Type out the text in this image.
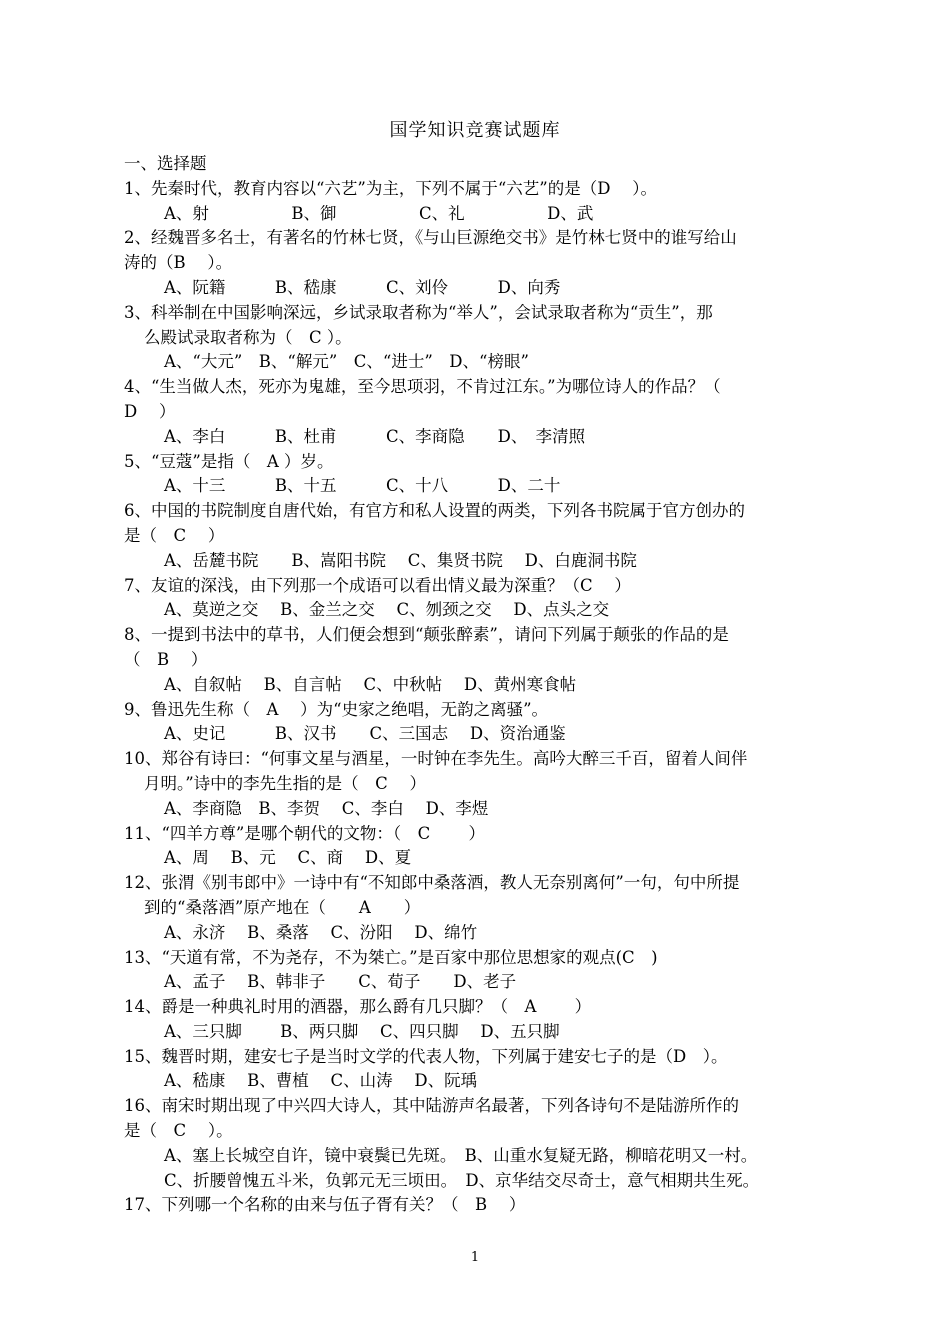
国学知识竞赛试题库
一、选择题
1、先秦时代，教育内容以“六艺”为主，下列不属于“六艺”的是（D　 ）。
A、射　　　　　B、御　　　　　C、礼　　　　　D、武
2、经魏晋多名士，有著名的竹林七贤，《与山巨源绝交书》是竹林七贤中的谁写给山
涛的（B　 ）。
A、阮籍　　　B、嵇康　　　C、刘伶　　　D、向秀
3、科举制在中国影响深远，乡试录取者称为“举人”，会试录取者称为“贡生”，那
么殿试录取者称为（　C ）。
A、“大元”　B、“解元”　C、“进士”　D、“榜眼”
4、“生当做人杰，死亦为鬼雄，至今思项羽，不肯过江东。”为哪位诗人的作品？（
D　 ）
A、李白　　　B、杜甫　　　C、李商隐　　D、　李清照
5、“豆蔻”是指（　A ）岁。
A、十三　　　B、十五　　　C、十八　　　D、二十
6、中国的书院制度自唐代始，有官方和私人设置的两类，下列各书院属于官方创办的
是（　C　 ）
A、岳麓书院　　B、嵩阳书院　 C、集贤书院　 D、白鹿洞书院
7、友谊的深浅，由下列那一个成语可以看出情义最为深重？（C　 ）
A、莫逆之交　 B、金兰之交　 C、刎颈之交　 D、点头之交
8、一提到书法中的草书，人们便会想到“颠张醉素”，请问下列属于颠张的作品的是
（　B　 ）
A、自叙帖　 B、自言帖　 C、中秋帖　 D、黄州寒食帖
9、鲁迅先生称（　A　 ）为“史家之绝唱，无韵之离骚”。
A、史记　　　B、汉书　　C、三国志　 D、资治通鉴
10、郑谷有诗曰：“何事文星与酒星，一时钟在李先生。高吟大醉三千百，留着人间伴
月明。”诗中的李先生指的是（　C　 ）
A、李商隐　B、李贺　 C、李白　 D、李煜
11、“四羊方尊”是哪个朝代的文物：（　C　　 ）
A、周　 B、元　 C、商　 D、夏
12、张渭《别韦郎中》一诗中有“不知郎中桑落酒，教人无奈别离何”一句，句中所提
到的“桑落酒”原产地在（　　A　　）
A、永济　 B、桑落　 C、汾阳　 D、绵竹
13、“天道有常，不为尧存，不为桀亡。”是百家中那位思想家的观点(C　)
A、孟子　 B、韩非子　　C、荀子　　D、老子
14、爵是一种典礼时用的酒器，那么爵有几只脚？（　A　　 ）
A、三只脚　　 B、两只脚　 C、四只脚　 D、五只脚
15、魏晋时期，建安七子是当时文学的代表人物，下列属于建安七子的是（D　）。
A、嵇康　 B、曹植　 C、山涛　 D、阮瑀
16、南宋时期出现了中兴四大诗人，其中陆游声名最著，下列各诗句不是陆游所作的
是（　C　 ）。
A、塞上长城空自许，镜中衰鬓已先斑。　B、山重水复疑无路，柳暗花明又一村。
C、折腰曾愧五斗米，负郭元无三顷田。　D、京华结交尽奇士，意气相期共生死。
17、下列哪一个名称的由来与伍子胥有关？（　B　 ）
1
